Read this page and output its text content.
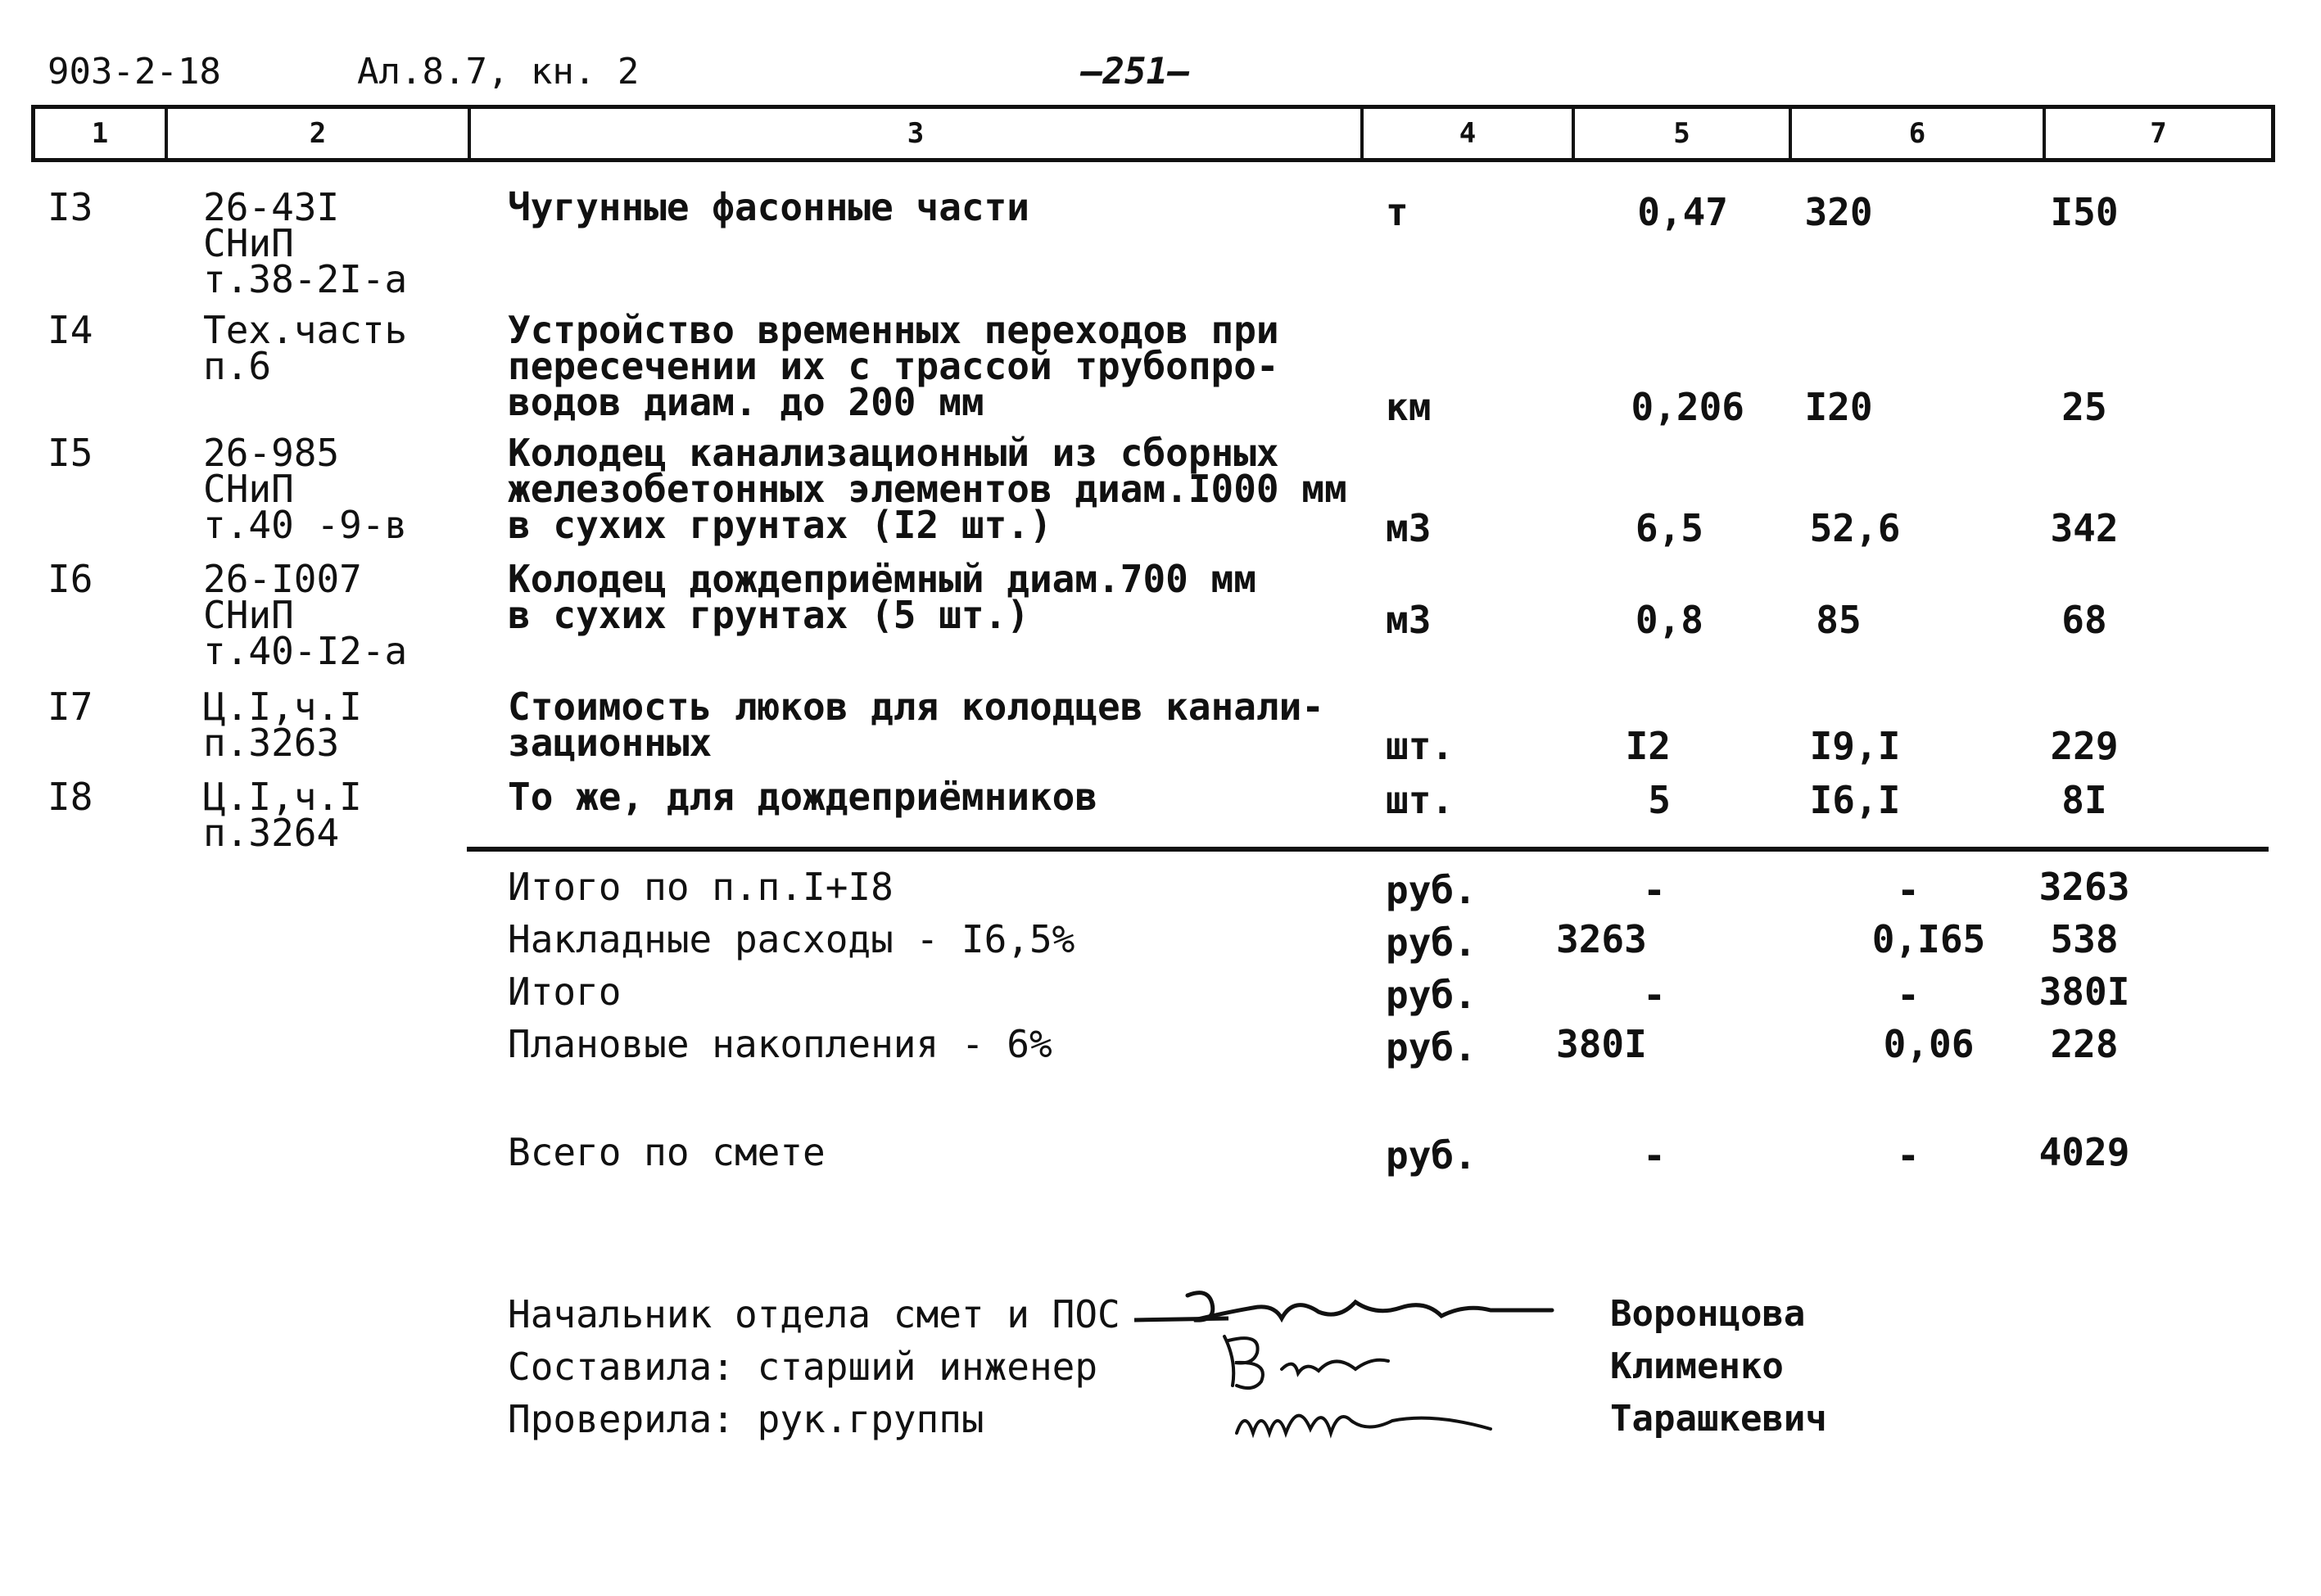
903-2-18	Ал.8.7, кн. 2	—251—
1	2	3	4	5	6	7
I3	26-43I
СНиП
т.38-2I-а
Чугунные фасонные части	т	0,47	320	I50
I4	Тех.часть
п.6
Устройство временных переходов при
пересечении их с трассой трубопро-
водов диам. до 200 мм	км	0,206	I20	25
I5	26-985
СНиП
т.40 -9-в
Колодец канализационный из сборных
железобетонных элементов диам.I000 мм
в сухих грунтах (I2 шт.)	м3	6,5	52,6	342
I6	26-I007
СНиП
т.40-I2-а
Колодец дождеприёмный диам.700 мм
в сухих грунтах (5 шт.)	м3	0,8	85	68
I7	Ц.I,ч.I
п.3263
Стоимость люков для колодцев канали-
зационных	шт.	I2	I9,I	229
I8	Ц.I,ч.I
п.3264
То же, для дождеприёмников	шт.	5	I6,I	8I
Итого по п.п.I+I8	руб.	-	-	3263
Накладные расходы - I6,5%	руб. 3263	0,I65	538
Итого	руб.	-	-	380I
Плановые накопления - 6%	руб. 380I	0,06	228
Всего по смете	руб.	-	-	4029
Начальник отдела смет и ПОС	Воронцова
Составила: старший инженер	Клименко
Проверила: рук.группы	Тарашкевич
